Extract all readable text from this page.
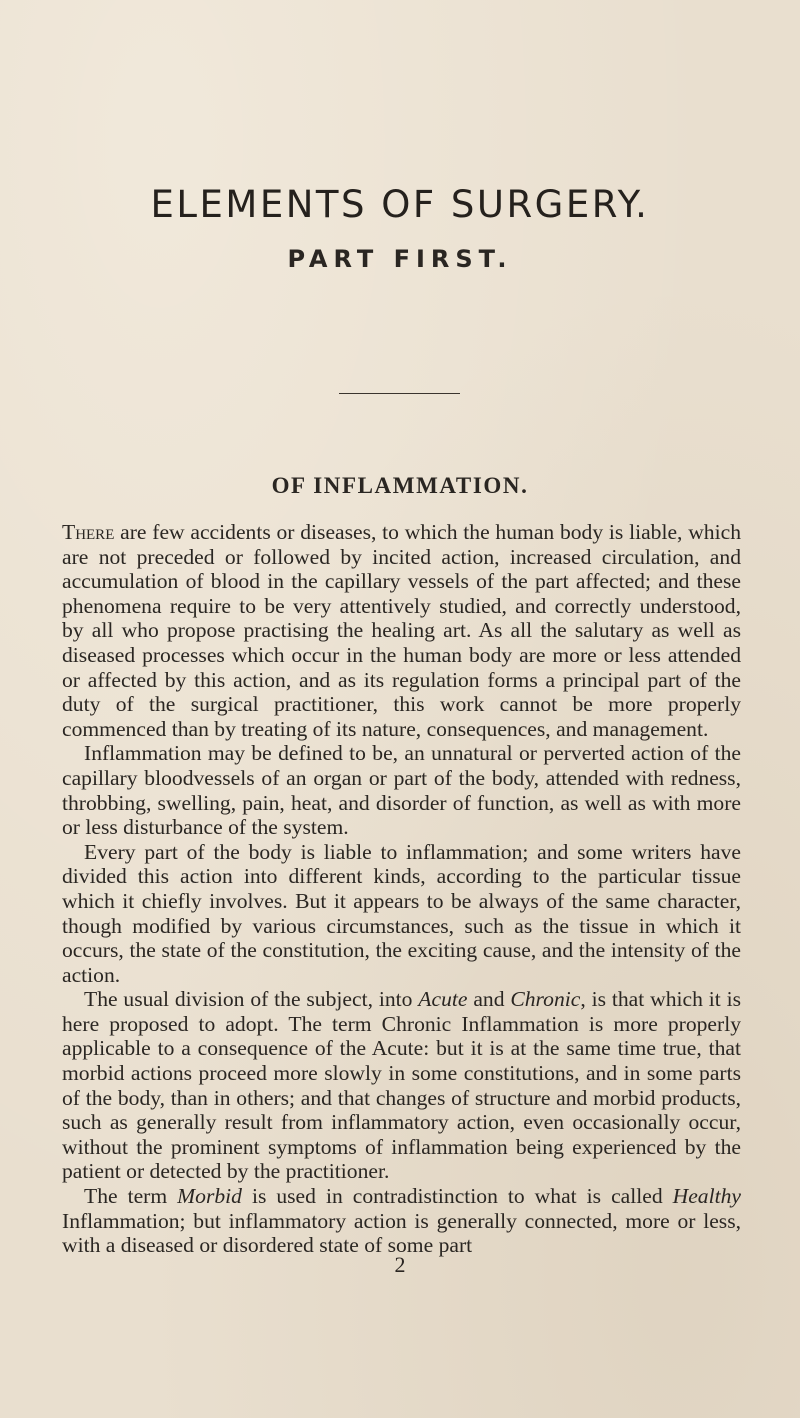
ELEMENTS OF SURGERY.
PART FIRST.
OF INFLAMMATION.

There are few accidents or diseases, to which the human body is liable, which are not preceded or followed by incited action, increased circulation, and accumulation of blood in the capillary vessels of the part affected; and these phenomena require to be very attentively studied, and correctly understood, by all who propose practising the healing art. As all the salutary as well as diseased processes which occur in the human body are more or less attended or affected by this action, and as its regulation forms a principal part of the duty of the surgical practitioner, this work cannot be more properly commenced than by treating of its nature, consequences, and management.

Inflammation may be defined to be, an unnatural or perverted action of the capillary bloodvessels of an organ or part of the body, attended with redness, throbbing, swelling, pain, heat, and disorder of function, as well as with more or less disturbance of the system.

Every part of the body is liable to inflammation; and some writers have divided this action into different kinds, according to the particular tissue which it chiefly involves. But it appears to be always of the same character, though modified by various circumstances, such as the tissue in which it occurs, the state of the constitution, the exciting cause, and the intensity of the action.

The usual division of the subject, into Acute and Chronic, is that which it is here proposed to adopt. The term Chronic Inflammation is more properly applicable to a consequence of the Acute: but it is at the same time true, that morbid actions proceed more slowly in some constitutions, and in some parts of the body, than in others; and that changes of structure and morbid products, such as generally result from inflammatory action, even occasionally occur, without the prominent symptoms of inflammation being experienced by the patient or detected by the practitioner.

The term Morbid is used in contradistinction to what is called Healthy Inflammation; but inflammatory action is generally connected, more or less, with a diseased or disordered state of some part

2
